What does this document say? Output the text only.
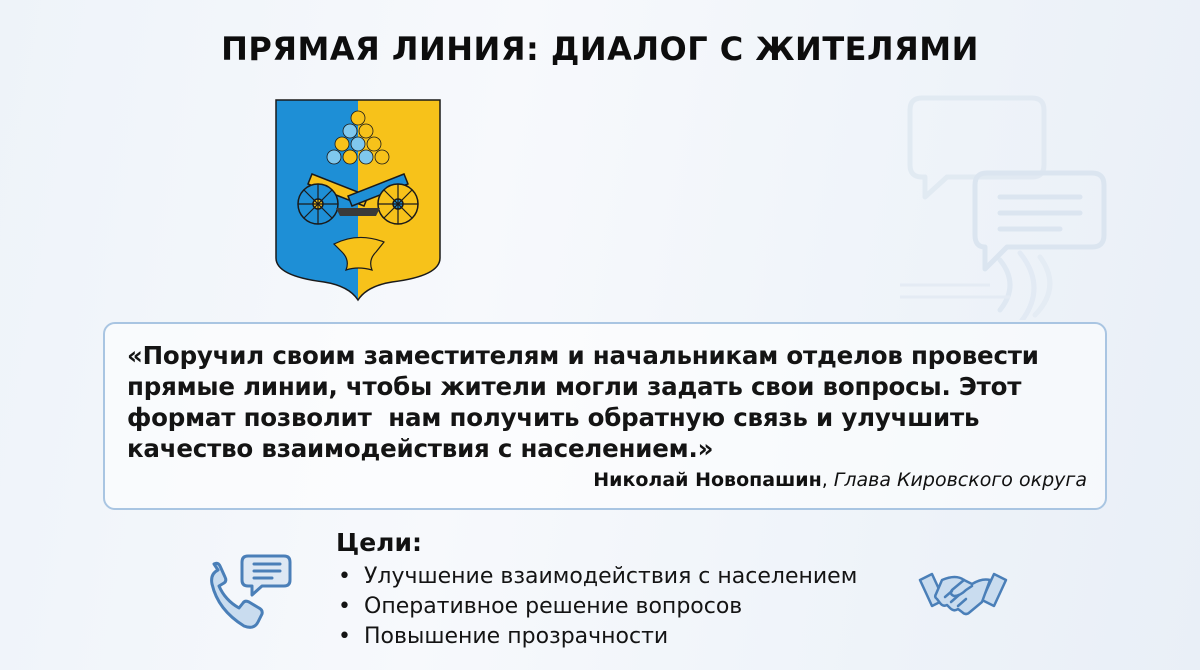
ПРЯМАЯ ЛИНИЯ: ДИАЛОГ С ЖИТЕЛЯМИ
«Поручил своим заместителям и начальникам отделов провести
прямые линии, чтобы жители могли задать свои вопросы. Этот
формат позволит  нам получить обратную связь и улучшить
качество взаимодействия с населением.»
Николай Новопашин, Глава Кировского округа
Цели:
• Улучшение взаимодействия с населением
• Оперативное решение вопросов
• Повышение прозрачности
